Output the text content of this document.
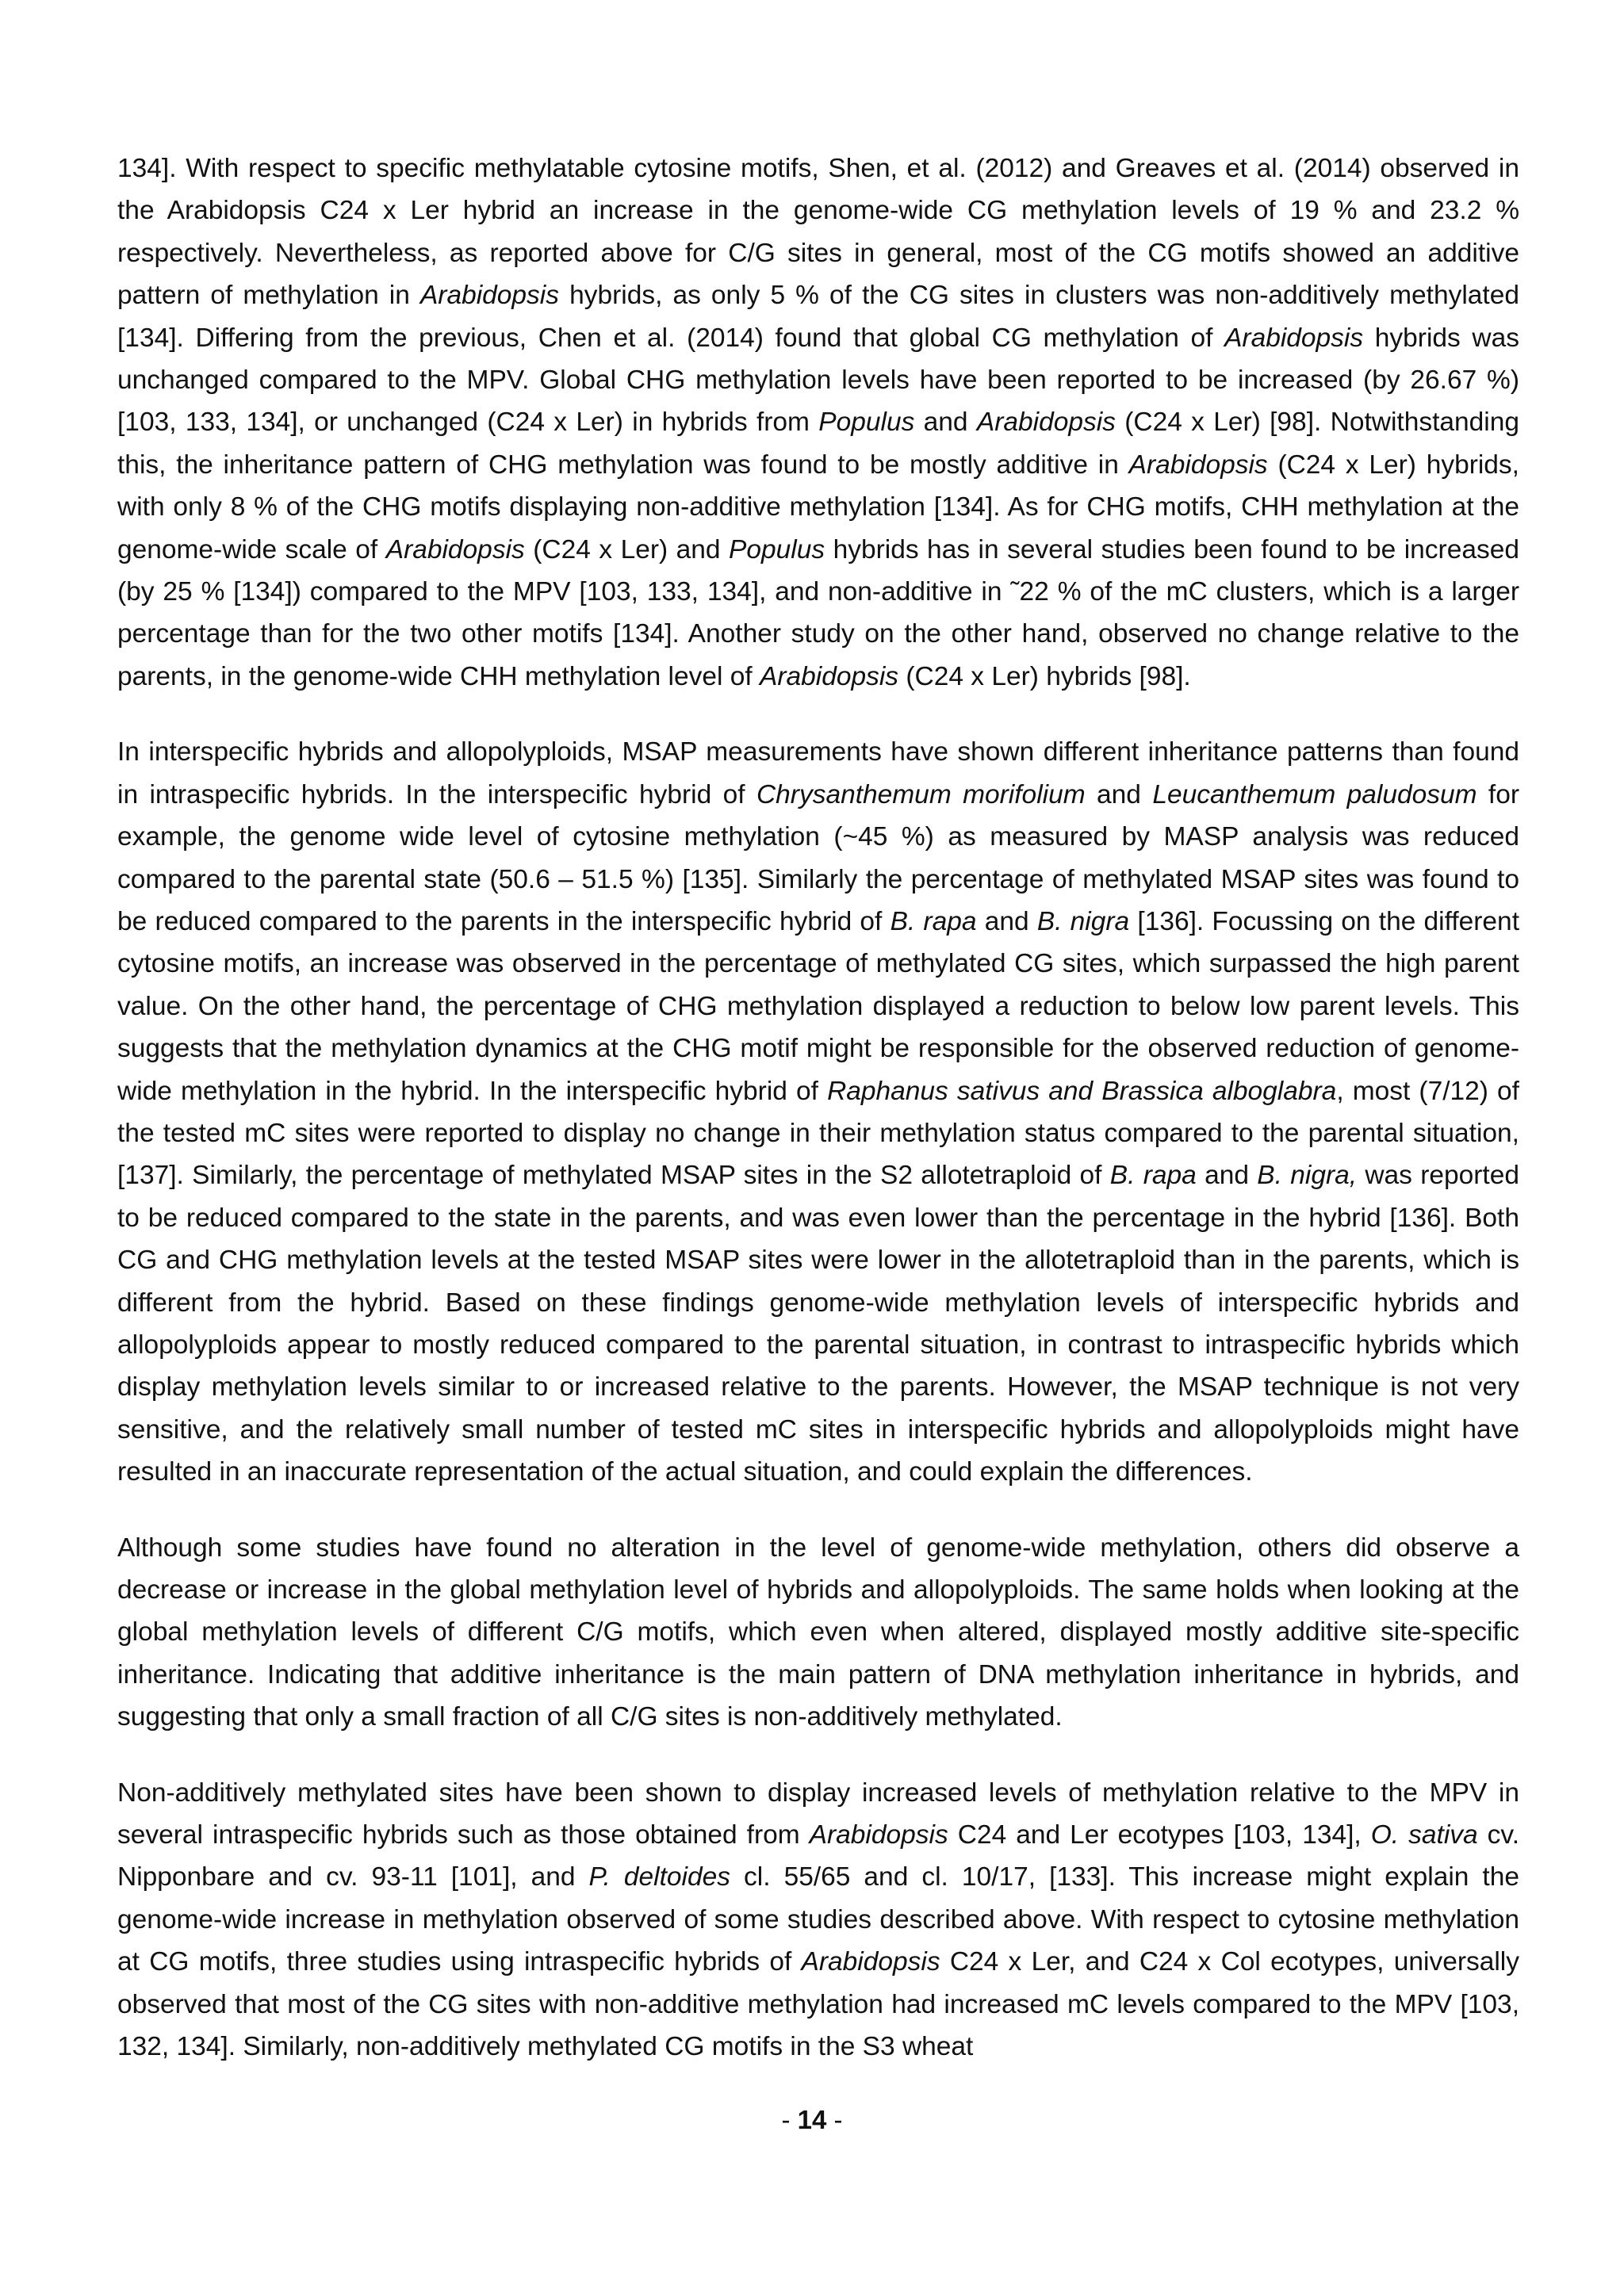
134]. With respect to specific methylatable cytosine motifs, Shen, et al. (2012) and Greaves et al. (2014) observed in the Arabidopsis C24 x Ler hybrid an increase in the genome-wide CG methylation levels of 19 % and 23.2 % respectively. Nevertheless, as reported above for C/G sites in general, most of the CG motifs showed an additive pattern of methylation in Arabidopsis hybrids, as only 5 % of the CG sites in clusters was non-additively methylated [134]. Differing from the previous, Chen et al. (2014) found that global CG methylation of Arabidopsis hybrids was unchanged compared to the MPV. Global CHG methylation levels have been reported to be increased (by 26.67 %) [103, 133, 134], or unchanged (C24 x Ler) in hybrids from Populus and Arabidopsis (C24 x Ler) [98]. Notwithstanding this, the inheritance pattern of CHG methylation was found to be mostly additive in Arabidopsis (C24 x Ler) hybrids, with only 8 % of the CHG motifs displaying non-additive methylation [134]. As for CHG motifs, CHH methylation at the genome-wide scale of Arabidopsis (C24 x Ler) and Populus hybrids has in several studies been found to be increased (by 25 % [134]) compared to the MPV [103, 133, 134], and non-additive in ˜22 % of the mC clusters, which is a larger percentage than for the two other motifs [134]. Another study on the other hand, observed no change relative to the parents, in the genome-wide CHH methylation level of Arabidopsis (C24 x Ler) hybrids [98].

In interspecific hybrids and allopolyploids, MSAP measurements have shown different inheritance patterns than found in intraspecific hybrids. In the interspecific hybrid of Chrysanthemum morifolium and Leucanthemum paludosum for example, the genome wide level of cytosine methylation (~45 %) as measured by MASP analysis was reduced compared to the parental state (50.6 – 51.5 %) [135]. Similarly the percentage of methylated MSAP sites was found to be reduced compared to the parents in the interspecific hybrid of B. rapa and B. nigra [136]. Focussing on the different cytosine motifs, an increase was observed in the percentage of methylated CG sites, which surpassed the high parent value. On the other hand, the percentage of CHG methylation displayed a reduction to below low parent levels. This suggests that the methylation dynamics at the CHG motif might be responsible for the observed reduction of genome-wide methylation in the hybrid. In the interspecific hybrid of Raphanus sativus and Brassica alboglabra, most (7/12) of the tested mC sites were reported to display no change in their methylation status compared to the parental situation, [137]. Similarly, the percentage of methylated MSAP sites in the S2 allotetraploid of B. rapa and B. nigra, was reported to be reduced compared to the state in the parents, and was even lower than the percentage in the hybrid [136]. Both CG and CHG methylation levels at the tested MSAP sites were lower in the allotetraploid than in the parents, which is different from the hybrid. Based on these findings genome-wide methylation levels of interspecific hybrids and allopolyploids appear to mostly reduced compared to the parental situation, in contrast to intraspecific hybrids which display methylation levels similar to or increased relative to the parents. However, the MSAP technique is not very sensitive, and the relatively small number of tested mC sites in interspecific hybrids and allopolyploids might have resulted in an inaccurate representation of the actual situation, and could explain the differences.

Although some studies have found no alteration in the level of genome-wide methylation, others did observe a decrease or increase in the global methylation level of hybrids and allopolyploids. The same holds when looking at the global methylation levels of different C/G motifs, which even when altered, displayed mostly additive site-specific inheritance. Indicating that additive inheritance is the main pattern of DNA methylation inheritance in hybrids, and suggesting that only a small fraction of all C/G sites is non-additively methylated.

Non-additively methylated sites have been shown to display increased levels of methylation relative to the MPV in several intraspecific hybrids such as those obtained from Arabidopsis C24 and Ler ecotypes [103, 134], O. sativa cv. Nipponbare and cv. 93-11 [101], and P. deltoides cl. 55/65 and cl. 10/17, [133]. This increase might explain the genome-wide increase in methylation observed of some studies described above. With respect to cytosine methylation at CG motifs, three studies using intraspecific hybrids of Arabidopsis C24 x Ler, and C24 x Col ecotypes, universally observed that most of the CG sites with non-additive methylation had increased mC levels compared to the MPV [103, 132, 134]. Similarly, non-additively methylated CG motifs in the S3 wheat

- 14 -
